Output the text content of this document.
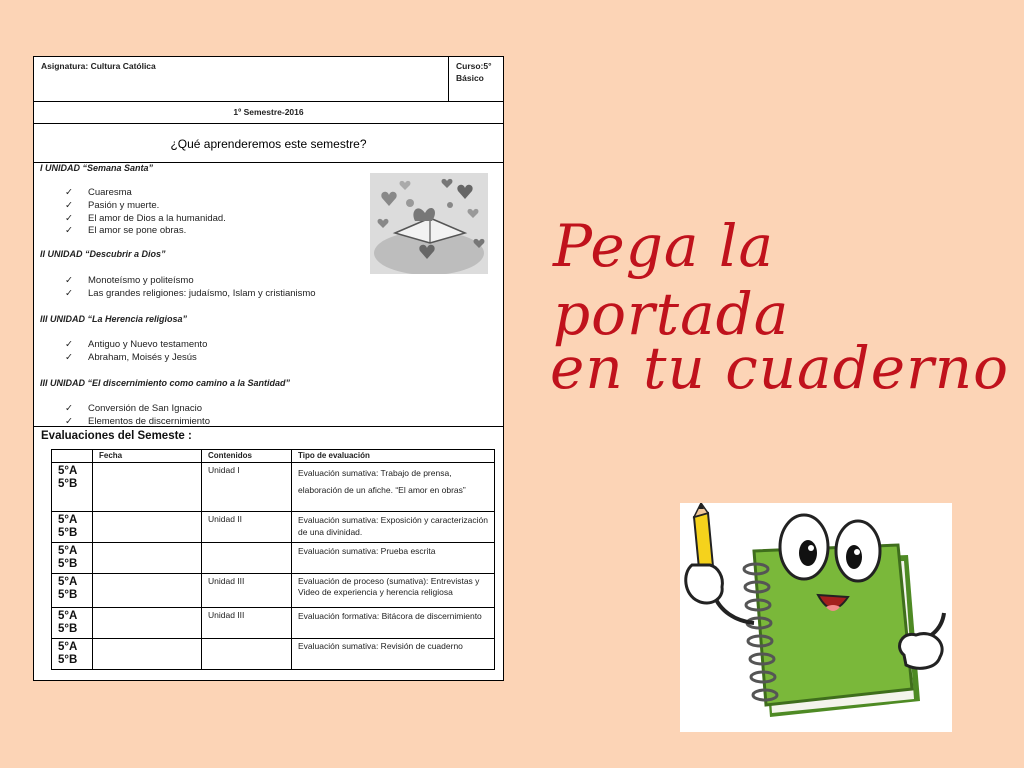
Asignatura: Cultura Católica	Curso:5°
Básico
1º Semestre-2016
¿Qué aprenderemos este semestre?
I UNIDAD “Semana Santa”
✓ Cuaresma
✓ Pasión y muerte.
✓ El amor de Dios a la humanidad.
✓ El amor se pone obras.
II UNIDAD “Descubrir a Dios”
✓ Monoteísmo y politeísmo
✓ Las grandes religiones: judaísmo, Islam y cristianismo
III UNIDAD “La Herencia religiosa”
✓ Antiguo y Nuevo testamento
✓ Abraham, Moisés y Jesús
III UNIDAD “El discernimiento como camino a la Santidad”
✓ Conversión de San Ignacio
✓ Elementos de discernimiento
Evaluaciones del Semeste :
	Fecha	Contenidos	Tipo de evaluación

5°A
5°B		Unidad I	Evaluación sumativa: Trabajo de prensa, elaboración de un afiche. “El amor en obras”

5°A
5°B		Unidad II	Evaluación sumativa: Exposición y caracterización de una divinidad.

5°A
5°B			Evaluación sumativa: Prueba escrita

5°A
5°B		Unidad III	Evaluación de proceso (sumativa): Entrevistas y Video de experiencia y herencia religiosa

5°A
5°B		Unidad III	Evaluación formativa: Bitácora de discernimiento

5°A
5°B			Evaluación sumativa: Revisión de cuaderno
Pega la portada
en tu cuaderno
